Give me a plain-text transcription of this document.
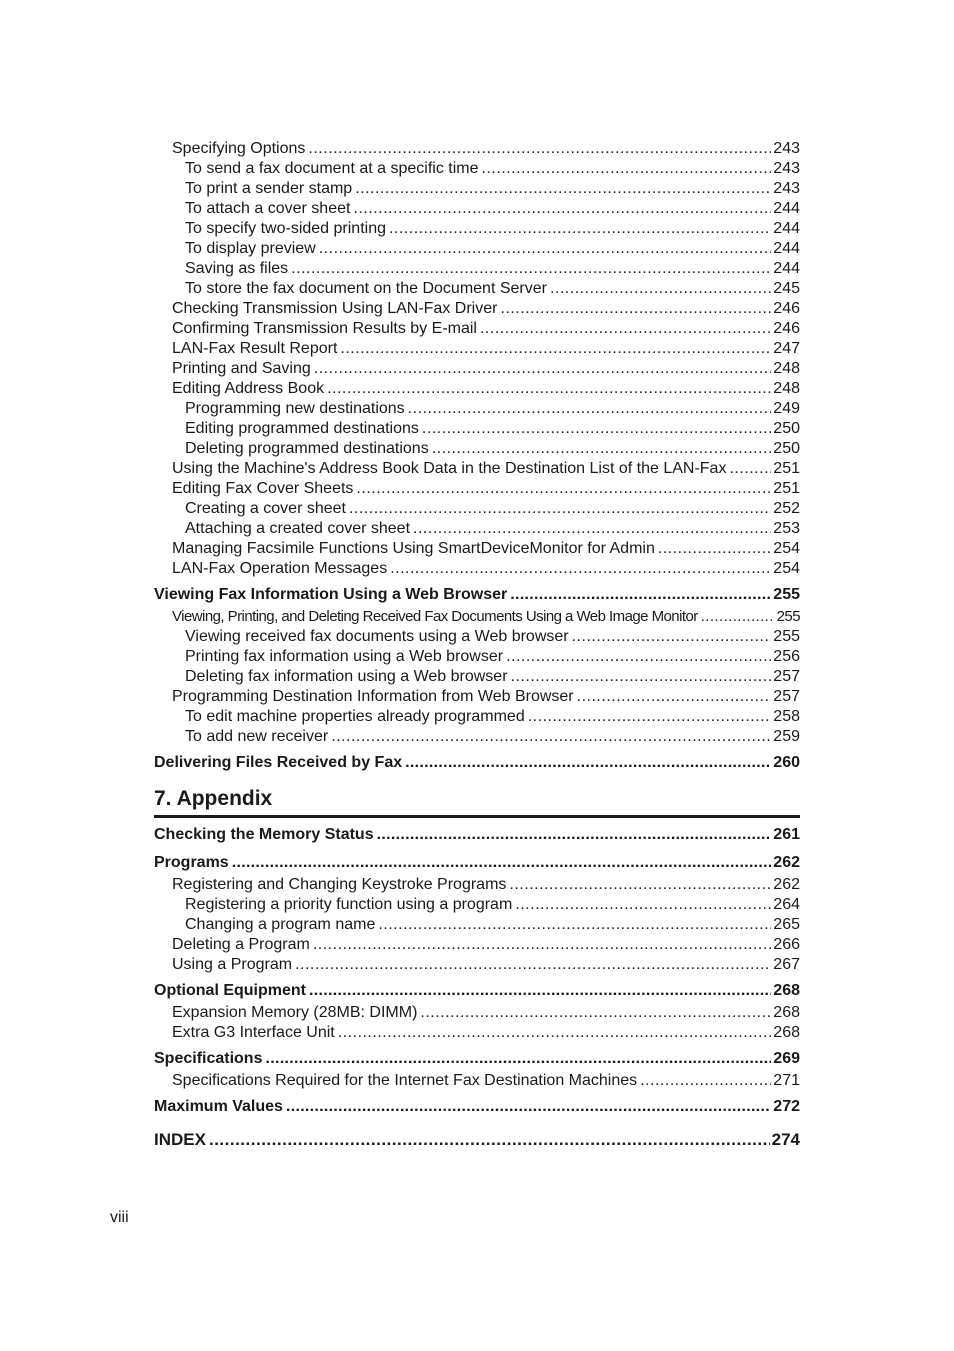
Specifying Options .....	243
To send a fax document at a specific time .....	243
To print a sender stamp .....	243
To attach a cover sheet .....	244
To specify two-sided printing .....	244
To display preview .....	244
Saving as files .....	244
To store the fax document on the Document Server .....	245
Checking Transmission Using LAN-Fax Driver .....	246
Confirming Transmission Results by E-mail .....	246
LAN-Fax Result Report .....	247
Printing and Saving .....	248
Editing Address Book .....	248
Programming new destinations .....	249
Editing programmed destinations .....	250
Deleting programmed destinations .....	250
Using the Machine's Address Book Data in the Destination List of the LAN-Fax .....	251
Editing Fax Cover Sheets .....	251
Creating a cover sheet .....	252
Attaching a created cover sheet .....	253
Managing Facsimile Functions Using SmartDeviceMonitor for Admin .....	254
LAN-Fax Operation Messages .....	254
Viewing Fax Information Using a Web Browser .....	255
Viewing, Printing, and Deleting Received Fax Documents Using a Web Image Monitor .....	255
Viewing received fax documents using a Web browser .....	255
Printing fax information using a Web browser .....	256
Deleting fax information using a Web browser .....	257
Programming Destination Information from Web Browser .....	257
To edit machine properties already programmed .....	258
To add new receiver .....	259
Delivering Files Received by Fax .....	260
7. Appendix
Checking the Memory Status .....	261
Programs .....	262
Registering and Changing Keystroke Programs .....	262
Registering a priority function using a program .....	264
Changing a program name .....	265
Deleting a Program .....	266
Using a Program .....	267
Optional Equipment .....	268
Expansion Memory (28MB: DIMM) .....	268
Extra G3 Interface Unit .....	268
Specifications .....	269
Specifications Required for the Internet Fax Destination Machines .....	271
Maximum Values .....	272
INDEX .....	274
viii
